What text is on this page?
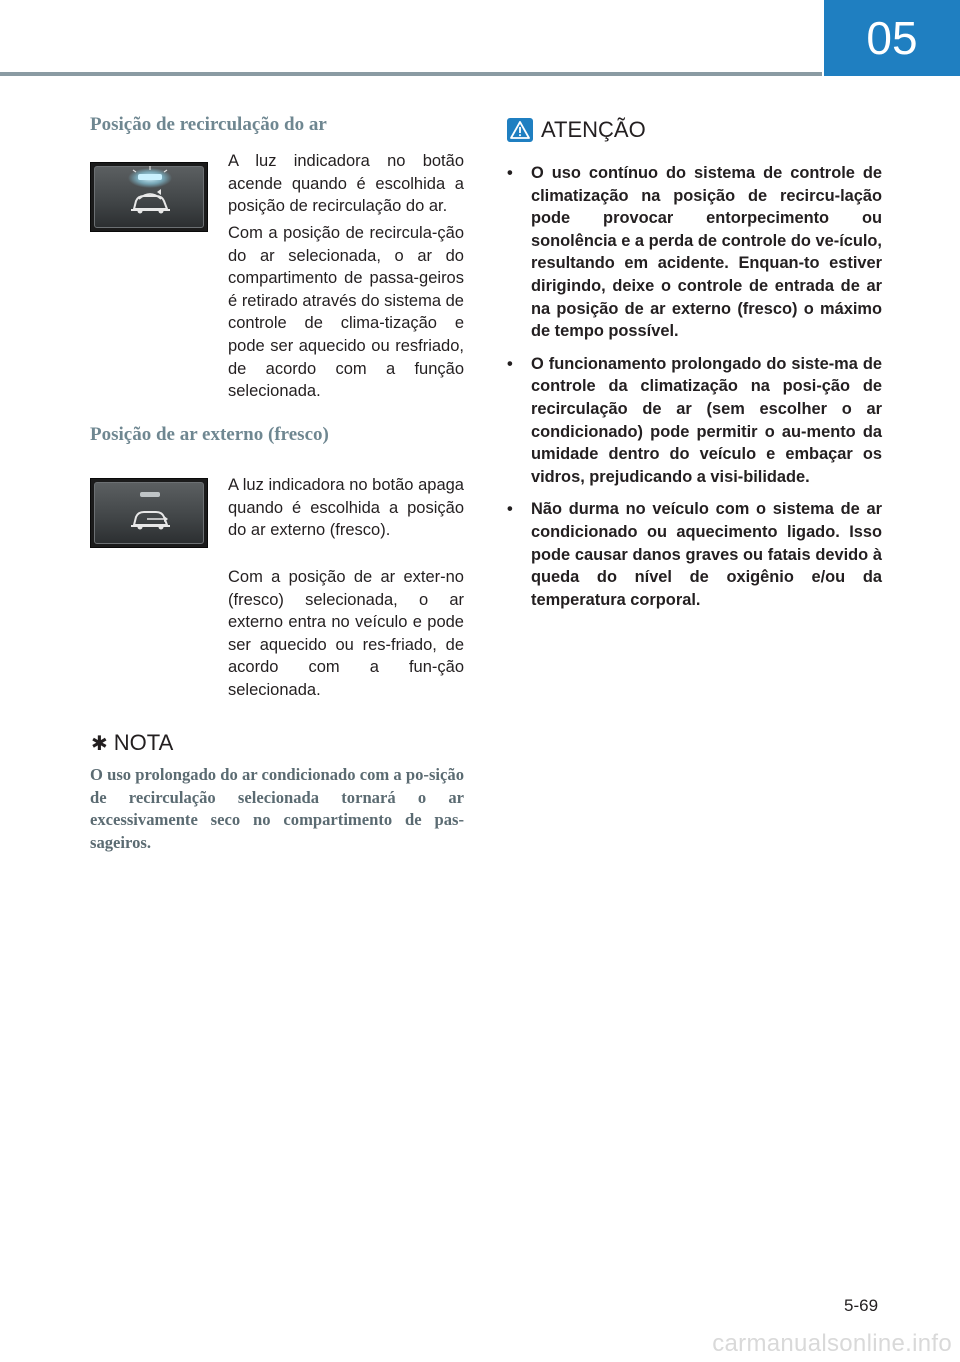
05
Posição de recirculação do ar

A luz indicadora no botão acende quando é escolhida a posição de recirculação do ar.

Com a posição de recircula-ção do ar selecionada, o ar do compartimento de passa-geiros é retirado através do sistema de controle de clima-tização e pode ser aquecido ou resfriado, de acordo com a função selecionada.

Posição de ar externo (fresco)

A luz indicadora no botão apaga quando é escolhida a posição do ar externo (fresco).

Com a posição de ar exter-no (fresco) selecionada, o ar externo entra no veículo e pode ser aquecido ou res-friado, de acordo com a fun-ção selecionada.

✱ NOTA

O uso prolongado do ar condicionado com a po-sição de recirculação selecionada tornará o ar excessivamente seco no compartimento de pas-sageiros.

ATENÇÃO
• O uso contínuo do sistema de controle de climatização na posição de recircu-lação pode provocar entorpecimento ou sonolência e a perda de controle do ve-ículo, resultando em acidente. Enquan-to estiver dirigindo, deixe o controle de entrada de ar na posição de ar externo (fresco) o máximo de tempo possível.
• O funcionamento prolongado do siste-ma de controle da climatização na posi-ção de recirculação de ar (sem escolher o ar condicionado) pode permitir o au-mento da umidade dentro do veículo e embaçar os vidros, prejudicando a visi-bilidade.
• Não durma no veículo com o sistema de ar condicionado ou aquecimento ligado. Isso pode causar danos graves ou fatais devido à queda do nível de oxigênio e/ou da temperatura corporal.
5-69
carmanualsonline.info
